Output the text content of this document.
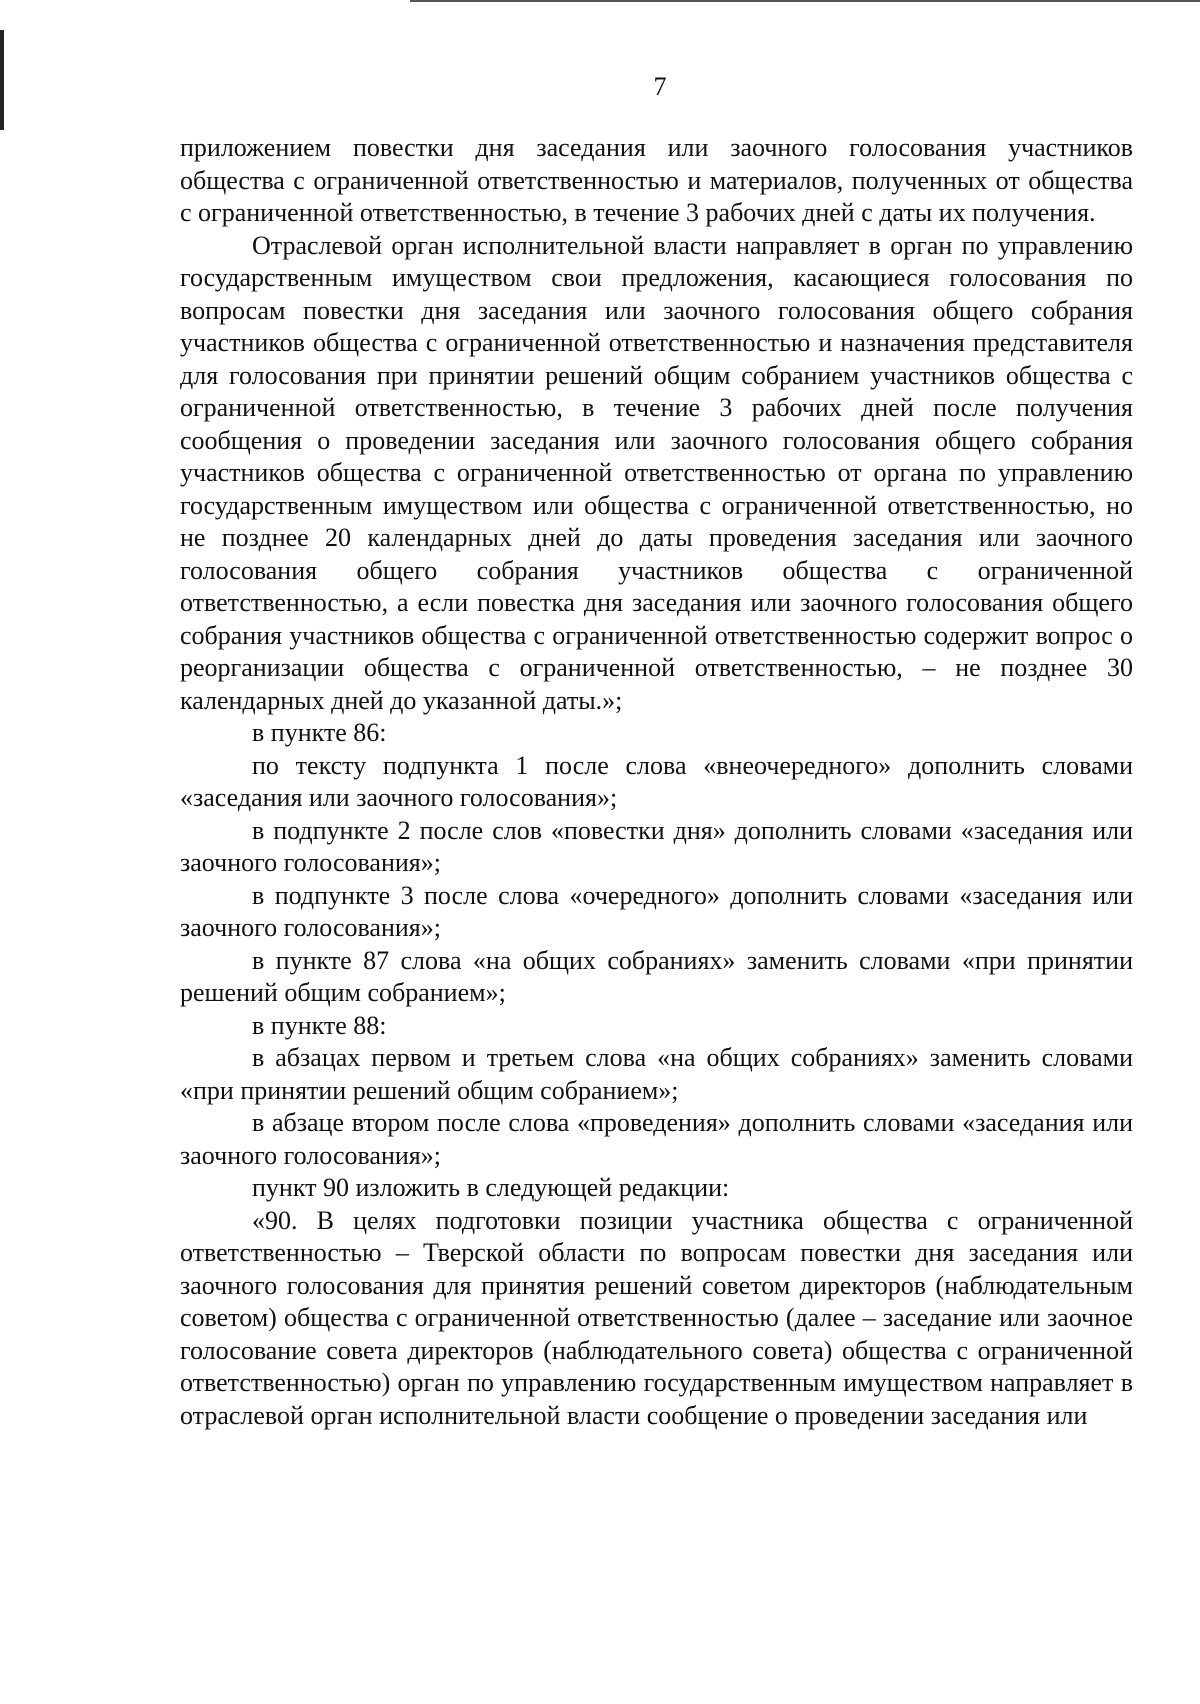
7

приложением повестки дня заседания или заочного голосования участников общества с ограниченной ответственностью и материалов, полученных от общества с ограниченной ответственностью, в течение 3 рабочих дней с даты их получения.

Отраслевой орган исполнительной власти направляет в орган по управлению государственным имуществом свои предложения, касающиеся голосования по вопросам повестки дня заседания или заочного голосования общего собрания участников общества с ограниченной ответственностью и назначения представителя для голосования при принятии решений общим собранием участников общества с ограниченной ответственностью, в течение 3 рабочих дней после получения сообщения о проведении заседания или заочного голосования общего собрания участников общества с ограниченной ответственностью от органа по управлению государственным имуществом или общества с ограниченной ответственностью, но не позднее 20 календарных дней до даты проведения заседания или заочного голосования общего собрания участников общества с ограниченной ответственностью, а если повестка дня заседания или заочного голосования общего собрания участников общества с ограниченной ответственностью содержит вопрос о реорганизации общества с ограниченной ответственностью, – не позднее 30 календарных дней до указанной даты.»;

в пункте 86:

по тексту подпункта 1 после слова «внеочередного» дополнить словами «заседания или заочного голосования»;

в подпункте 2 после слов «повестки дня» дополнить словами «заседания или заочного голосования»;

в подпункте 3 после слова «очередного» дополнить словами «заседания или заочного голосования»;

в пункте 87 слова «на общих собраниях» заменить словами «при принятии решений общим собранием»;

в пункте 88:

в абзацах первом и третьем слова «на общих собраниях» заменить словами «при принятии решений общим собранием»;

в абзаце втором после слова «проведения» дополнить словами «заседания или заочного голосования»;

пункт 90 изложить в следующей редакции:

«90. В целях подготовки позиции участника общества с ограниченной ответственностью – Тверской области по вопросам повестки дня заседания или заочного голосования для принятия решений советом директоров (наблюдательным советом) общества с ограниченной ответственностью (далее – заседание или заочное голосование совета директоров (наблюдательного совета) общества с ограниченной ответственностью) орган по управлению государственным имуществом направляет в отраслевой орган исполнительной власти сообщение о проведении заседания или
